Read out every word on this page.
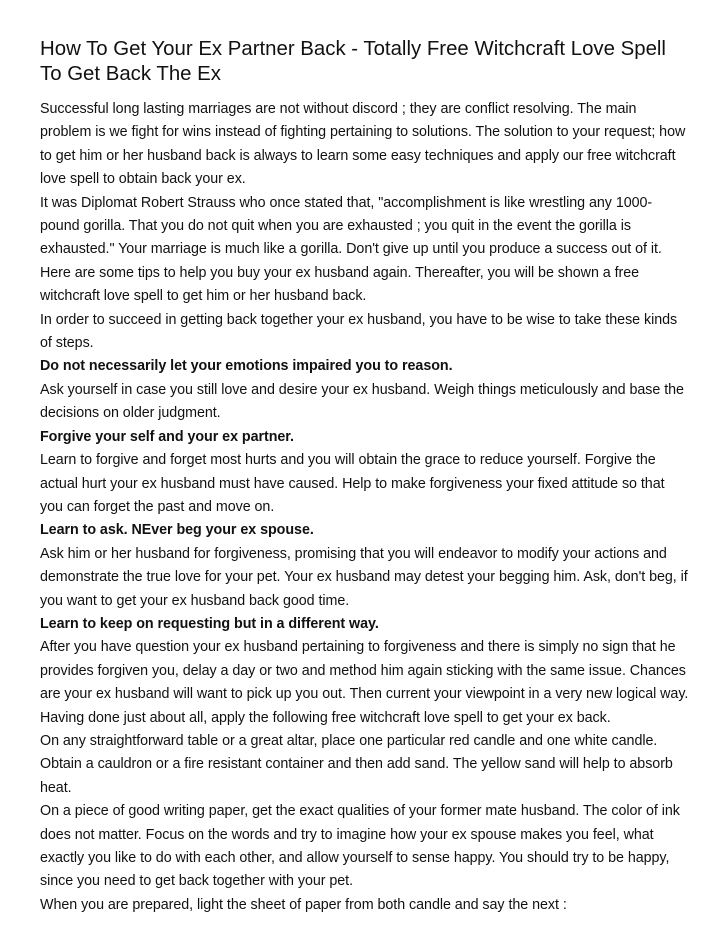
How To Get Your Ex Partner Back - Totally Free Witchcraft Love Spell To Get Back The Ex

Successful long lasting marriages are not without discord ; they are conflict resolving. The main problem is we fight for wins instead of fighting pertaining to solutions. The solution to your request; how to get him or her husband back is always to learn some easy techniques and apply our free witchcraft love spell to obtain back your ex.

It was Diplomat Robert Strauss who once stated that, "accomplishment is like wrestling any 1000-pound gorilla. That you do not quit when you are exhausted ; you quit in the event the gorilla is exhausted." Your marriage is much like a gorilla. Don't give up until you produce a success out of it.

Here are some tips to help you buy your ex husband again. Thereafter, you will be shown a free witchcraft love spell to get him or her husband back.

In order to succeed in getting back together your ex husband, you have to be wise to take these kinds of steps.

Do not necessarily let your emotions impaired you to reason.

Ask yourself in case you still love and desire your ex husband. Weigh things meticulously and base the decisions on older judgment.

Forgive your self and your ex partner.

Learn to forgive and forget most hurts and you will obtain the grace to reduce yourself. Forgive the actual hurt your ex husband must have caused. Help to make forgiveness your fixed attitude so that you can forget the past and move on.

Learn to ask. NEver beg your ex spouse.

Ask him or her husband for forgiveness, promising that you will endeavor to modify your actions and demonstrate the true love for your pet. Your ex husband may detest your begging him. Ask, don't beg, if you want to get your ex husband back good time.

Learn to keep on requesting but in a different way.

After you have question your ex husband pertaining to forgiveness and there is simply no sign that he provides forgiven you, delay a day or two and method him again sticking with the same issue. Chances are your ex husband will want to pick up you out. Then current your viewpoint in a very new logical way.

Having done just about all, apply the following free witchcraft love spell to get your ex back.

On any straightforward table or a great altar, place one particular red candle and one white candle. Obtain a cauldron or a fire resistant container and then add sand. The yellow sand will help to absorb heat.

On a piece of good writing paper, get the exact qualities of your former mate husband. The color of ink does not matter. Focus on the words and try to imagine how your ex spouse makes you feel, what exactly you like to do with each other, and allow yourself to sense happy. You should try to be happy, since you need to get back together with your pet.

When you are prepared, light the sheet of paper from both candle and say the next :
